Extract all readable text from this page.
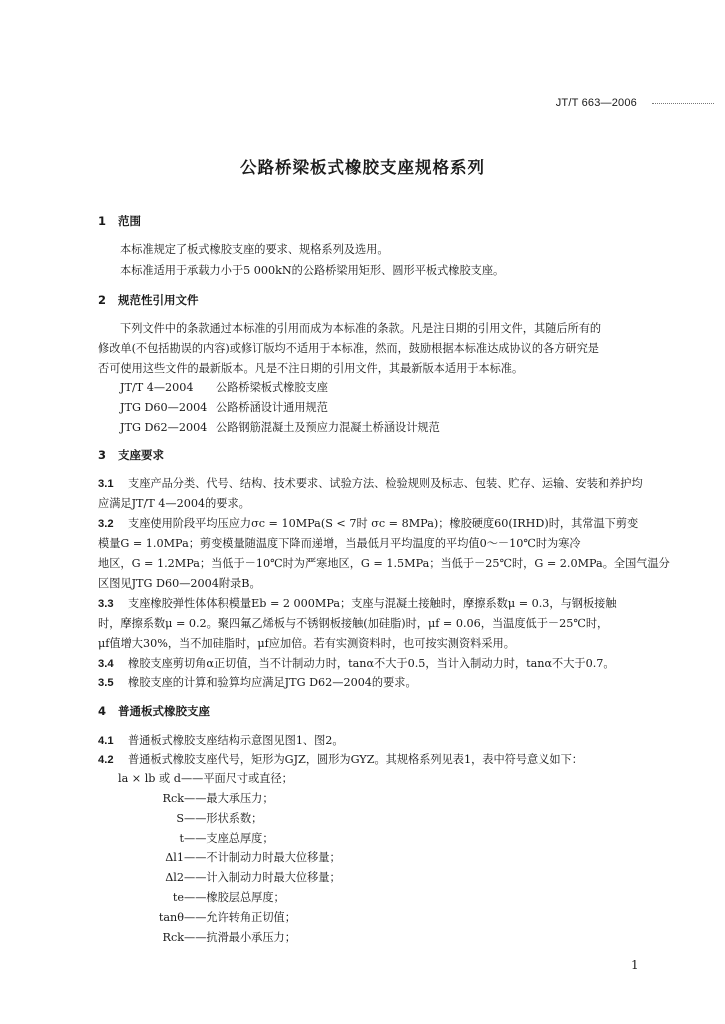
JT/T 663—2006
公路桥梁板式橡胶支座规格系列
1 范围
本标准规定了板式橡胶支座的要求、规格系列及选用。
本标准适用于承载力小于5 000kN的公路桥梁用矩形、圆形平板式橡胶支座。
2 规范性引用文件
下列文件中的条款通过本标准的引用而成为本标准的条款。凡是注日期的引用文件，其随后所有的
修改单(不包括勘误的内容)或修订版均不适用于本标准，然而，鼓励根据本标准达成协议的各方研究是
否可使用这些文件的最新版本。凡是不注日期的引用文件，其最新版本适用于本标准。
JT/T 4—2004 公路桥梁板式橡胶支座
JTG D60—2004 公路桥涵设计通用规范
JTG D62—2004 公路钢筋混凝土及预应力混凝土桥涵设计规范
3 支座要求
3.1 支座产品分类、代号、结构、技术要求、试验方法、检验规则及标志、包装、贮存、运输、安装和养护均
应满足JT/T 4—2004的要求。
3.2 支座使用阶段平均压应力σc = 10MPa(S < 7时 σc = 8MPa)；橡胶硬度60(IRHD)时，其常温下剪变
模量G = 1.0MPa；剪变模量随温度下降而递增，当最低月平均温度的平均值0～－10℃时为寒冷
地区，G = 1.2MPa；当低于－10℃时为严寒地区，G = 1.5MPa；当低于－25℃时，G = 2.0MPa。全国气温分
区图见JTG D60—2004附录B。
3.3 支座橡胶弹性体体积模量Eb = 2 000MPa；支座与混凝土接触时，摩擦系数μ = 0.3，与钢板接触
时，摩擦系数μ = 0.2。聚四氟乙烯板与不锈钢板接触(加硅脂)时，μf = 0.06，当温度低于－25℃时，
μf值增大30%，当不加硅脂时，μf应加倍。若有实测资料时，也可按实测资料采用。
3.4 橡胶支座剪切角α正切值，当不计制动力时，tanα不大于0.5，当计入制动力时，tanα不大于0.7。
3.5 橡胶支座的计算和验算均应满足JTG D62—2004的要求。
4 普通板式橡胶支座
4.1 普通板式橡胶支座结构示意图见图1、图2。
4.2 普通板式橡胶支座代号，矩形为GJZ，圆形为GYZ。其规格系列见表1，表中符号意义如下：
la × lb 或 d——平面尺寸或直径；
Rck——最大承压力；
S——形状系数；
t——支座总厚度；
Δl1——不计制动力时最大位移量；
Δl2——计入制动力时最大位移量；
te——橡胶层总厚度；
tanθ——允许转角正切值；
Rck——抗滑最小承压力；
1
